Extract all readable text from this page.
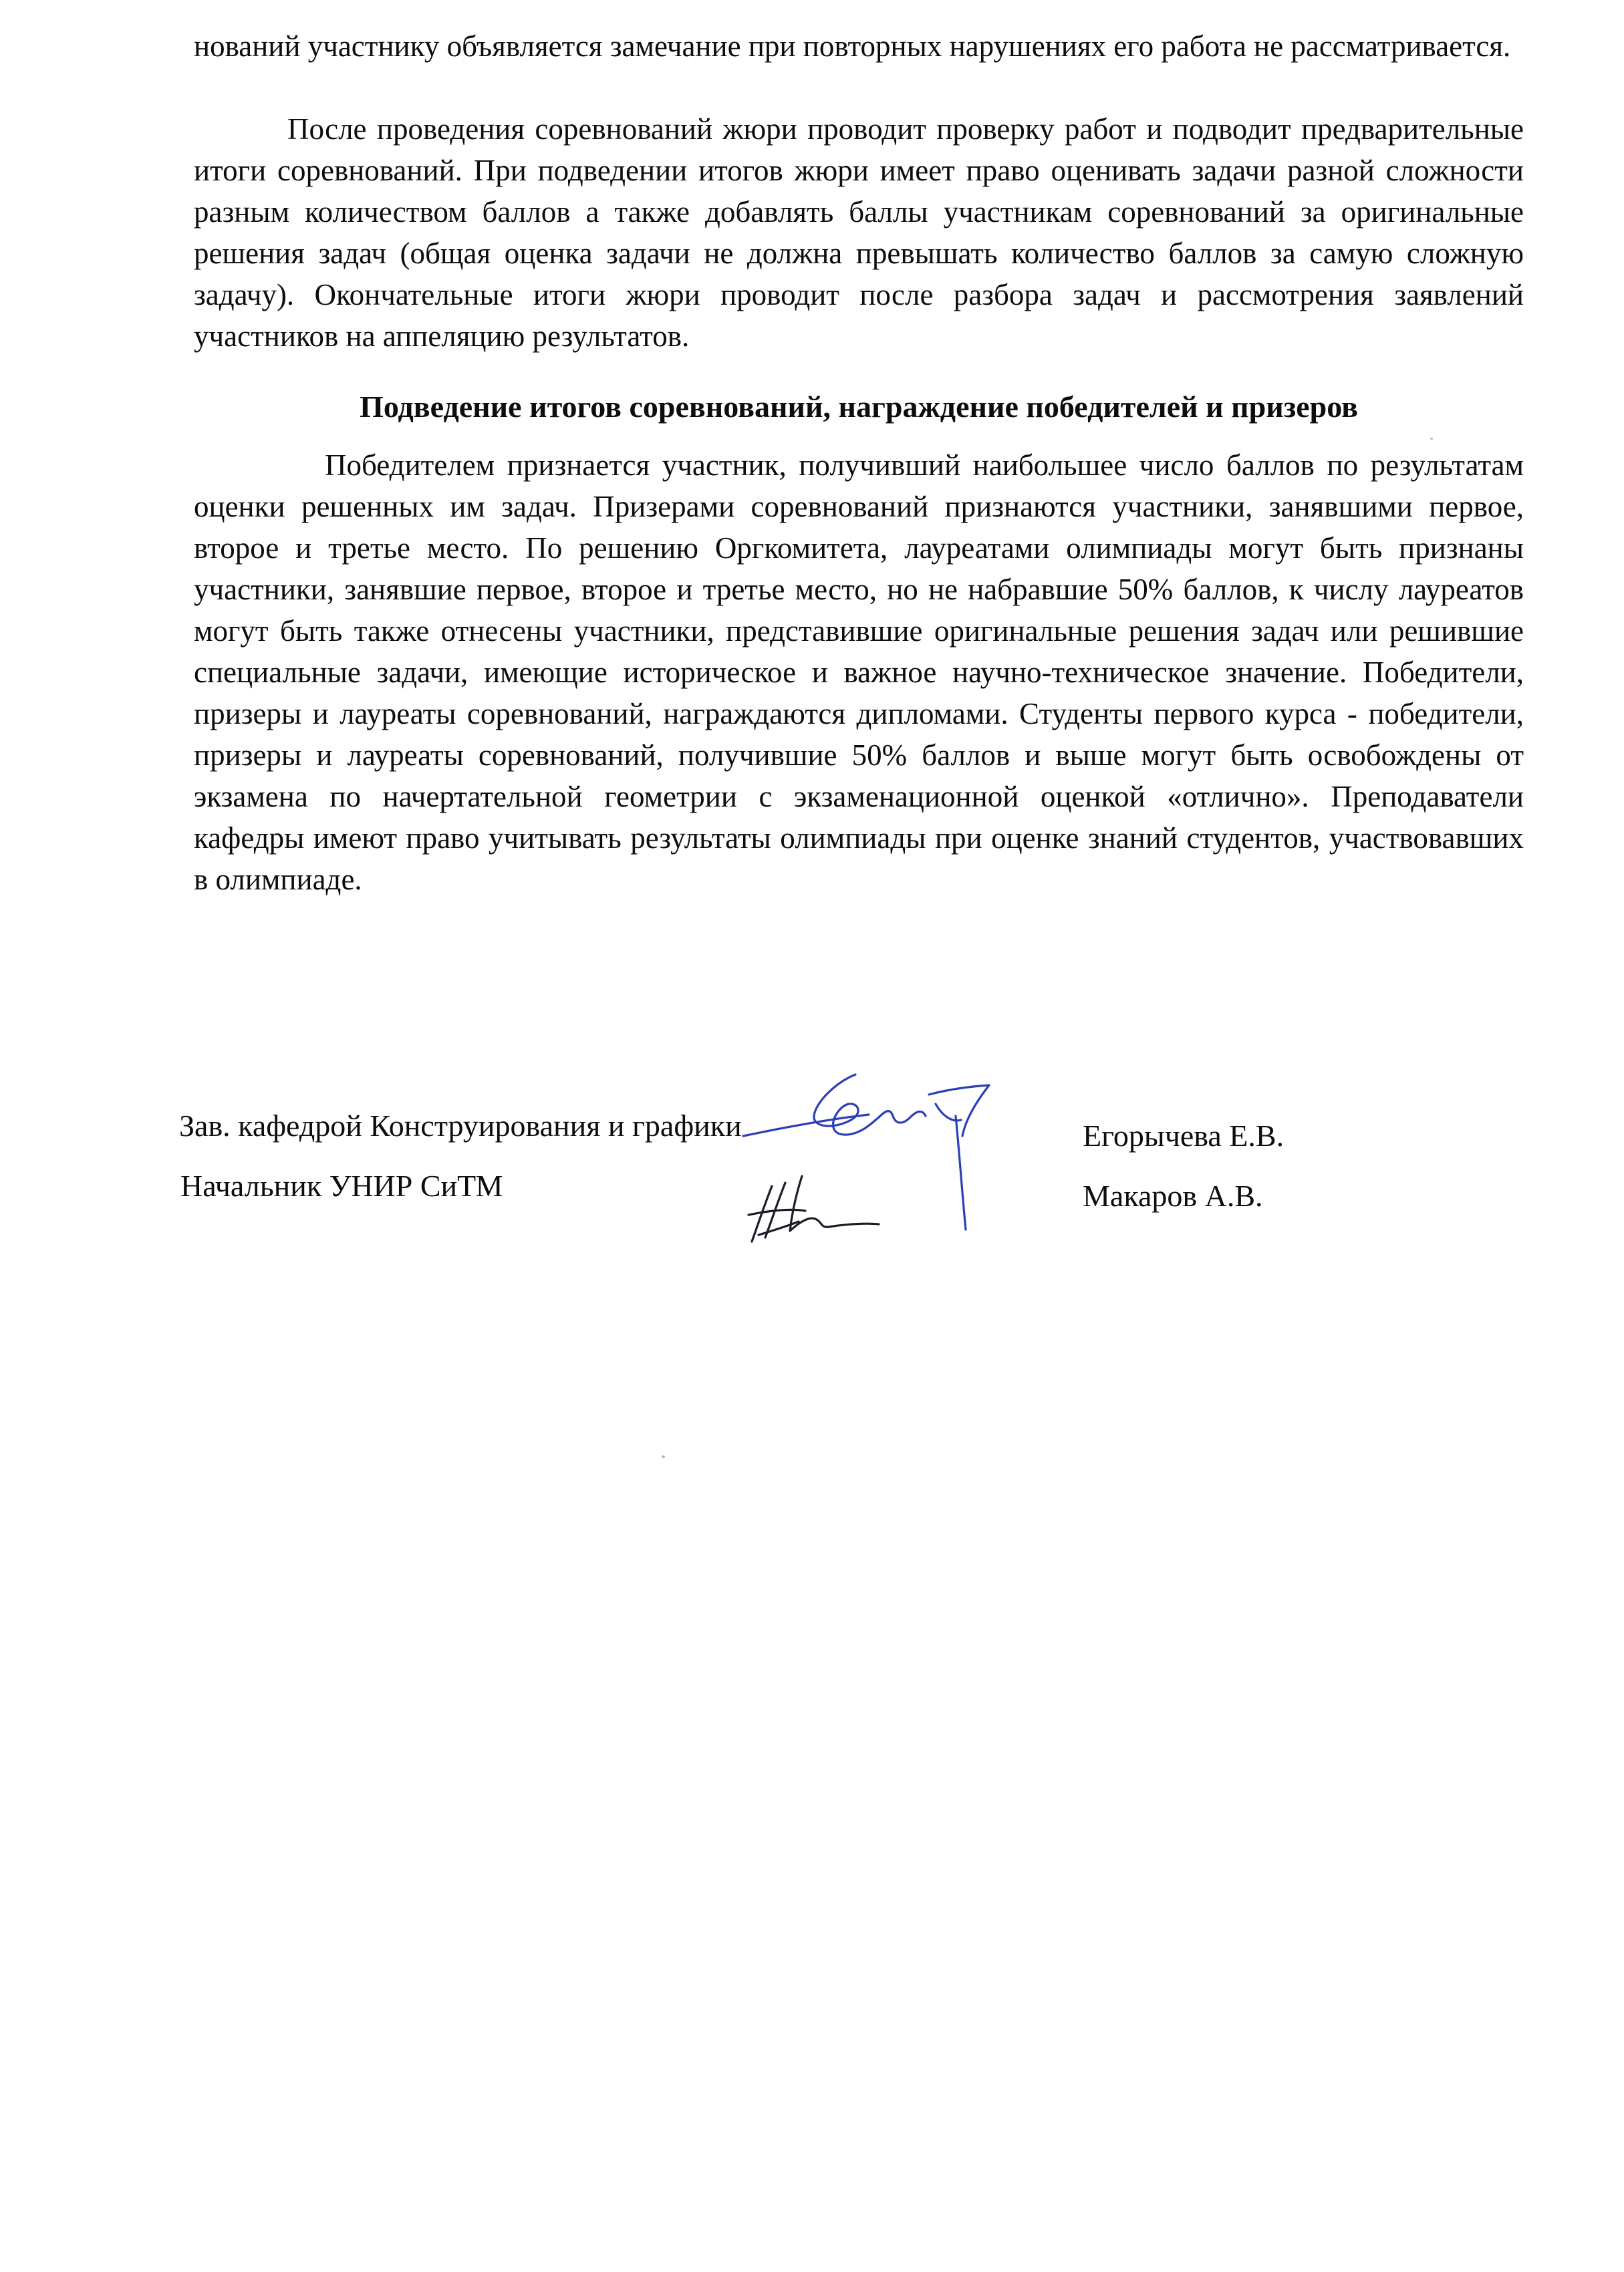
нований участнику объявляется замечание при повторных нарушениях его работа не рассматривается.

После проведения соревнований жюри проводит проверку работ и подводит предварительные итоги соревнований. При подведении итогов жюри имеет право оценивать задачи разной сложности разным количеством баллов а также добавлять баллы участникам соревнований за оригинальные решения задач (общая оценка задачи не должна превышать количество баллов за самую сложную задачу). Окончательные итоги жюри проводит после разбора задач и рассмотрения заявлений участников на аппеляцию результатов.

Подведение итогов соревнований, награждение победителей и призеров

Победителем признается участник, получивший наибольшее число баллов по результатам оценки решенных им задач. Призерами соревнований признаются участники, занявшими первое, второе и третье место. По решению Оргкомитета, лауреатами олимпиады могут быть признаны участники, занявшие первое, второе и третье место, но не набравшие 50% баллов, к числу лауреатов могут быть также отнесены участники, представившие оригинальные решения задач или решившие специальные задачи, имеющие историческое и важное научно-техническое значение. Победители, призеры и лауреаты соревнований, награждаются дипломами. Студенты первого курса - победители, призеры и лауреаты соревнований, получившие 50% баллов и выше могут быть освобождены от экзамена по начертательной геометрии с экзаменационной оценкой «отлично». Преподаватели кафедры имеют право учитывать результаты олимпиады при оценке знаний студентов, участвовавших в олимпиаде.

Зав. кафедрой Конструирования и графики
Начальник УНИР СиТМ
Егорычева Е.В.
Макаров А.В.
